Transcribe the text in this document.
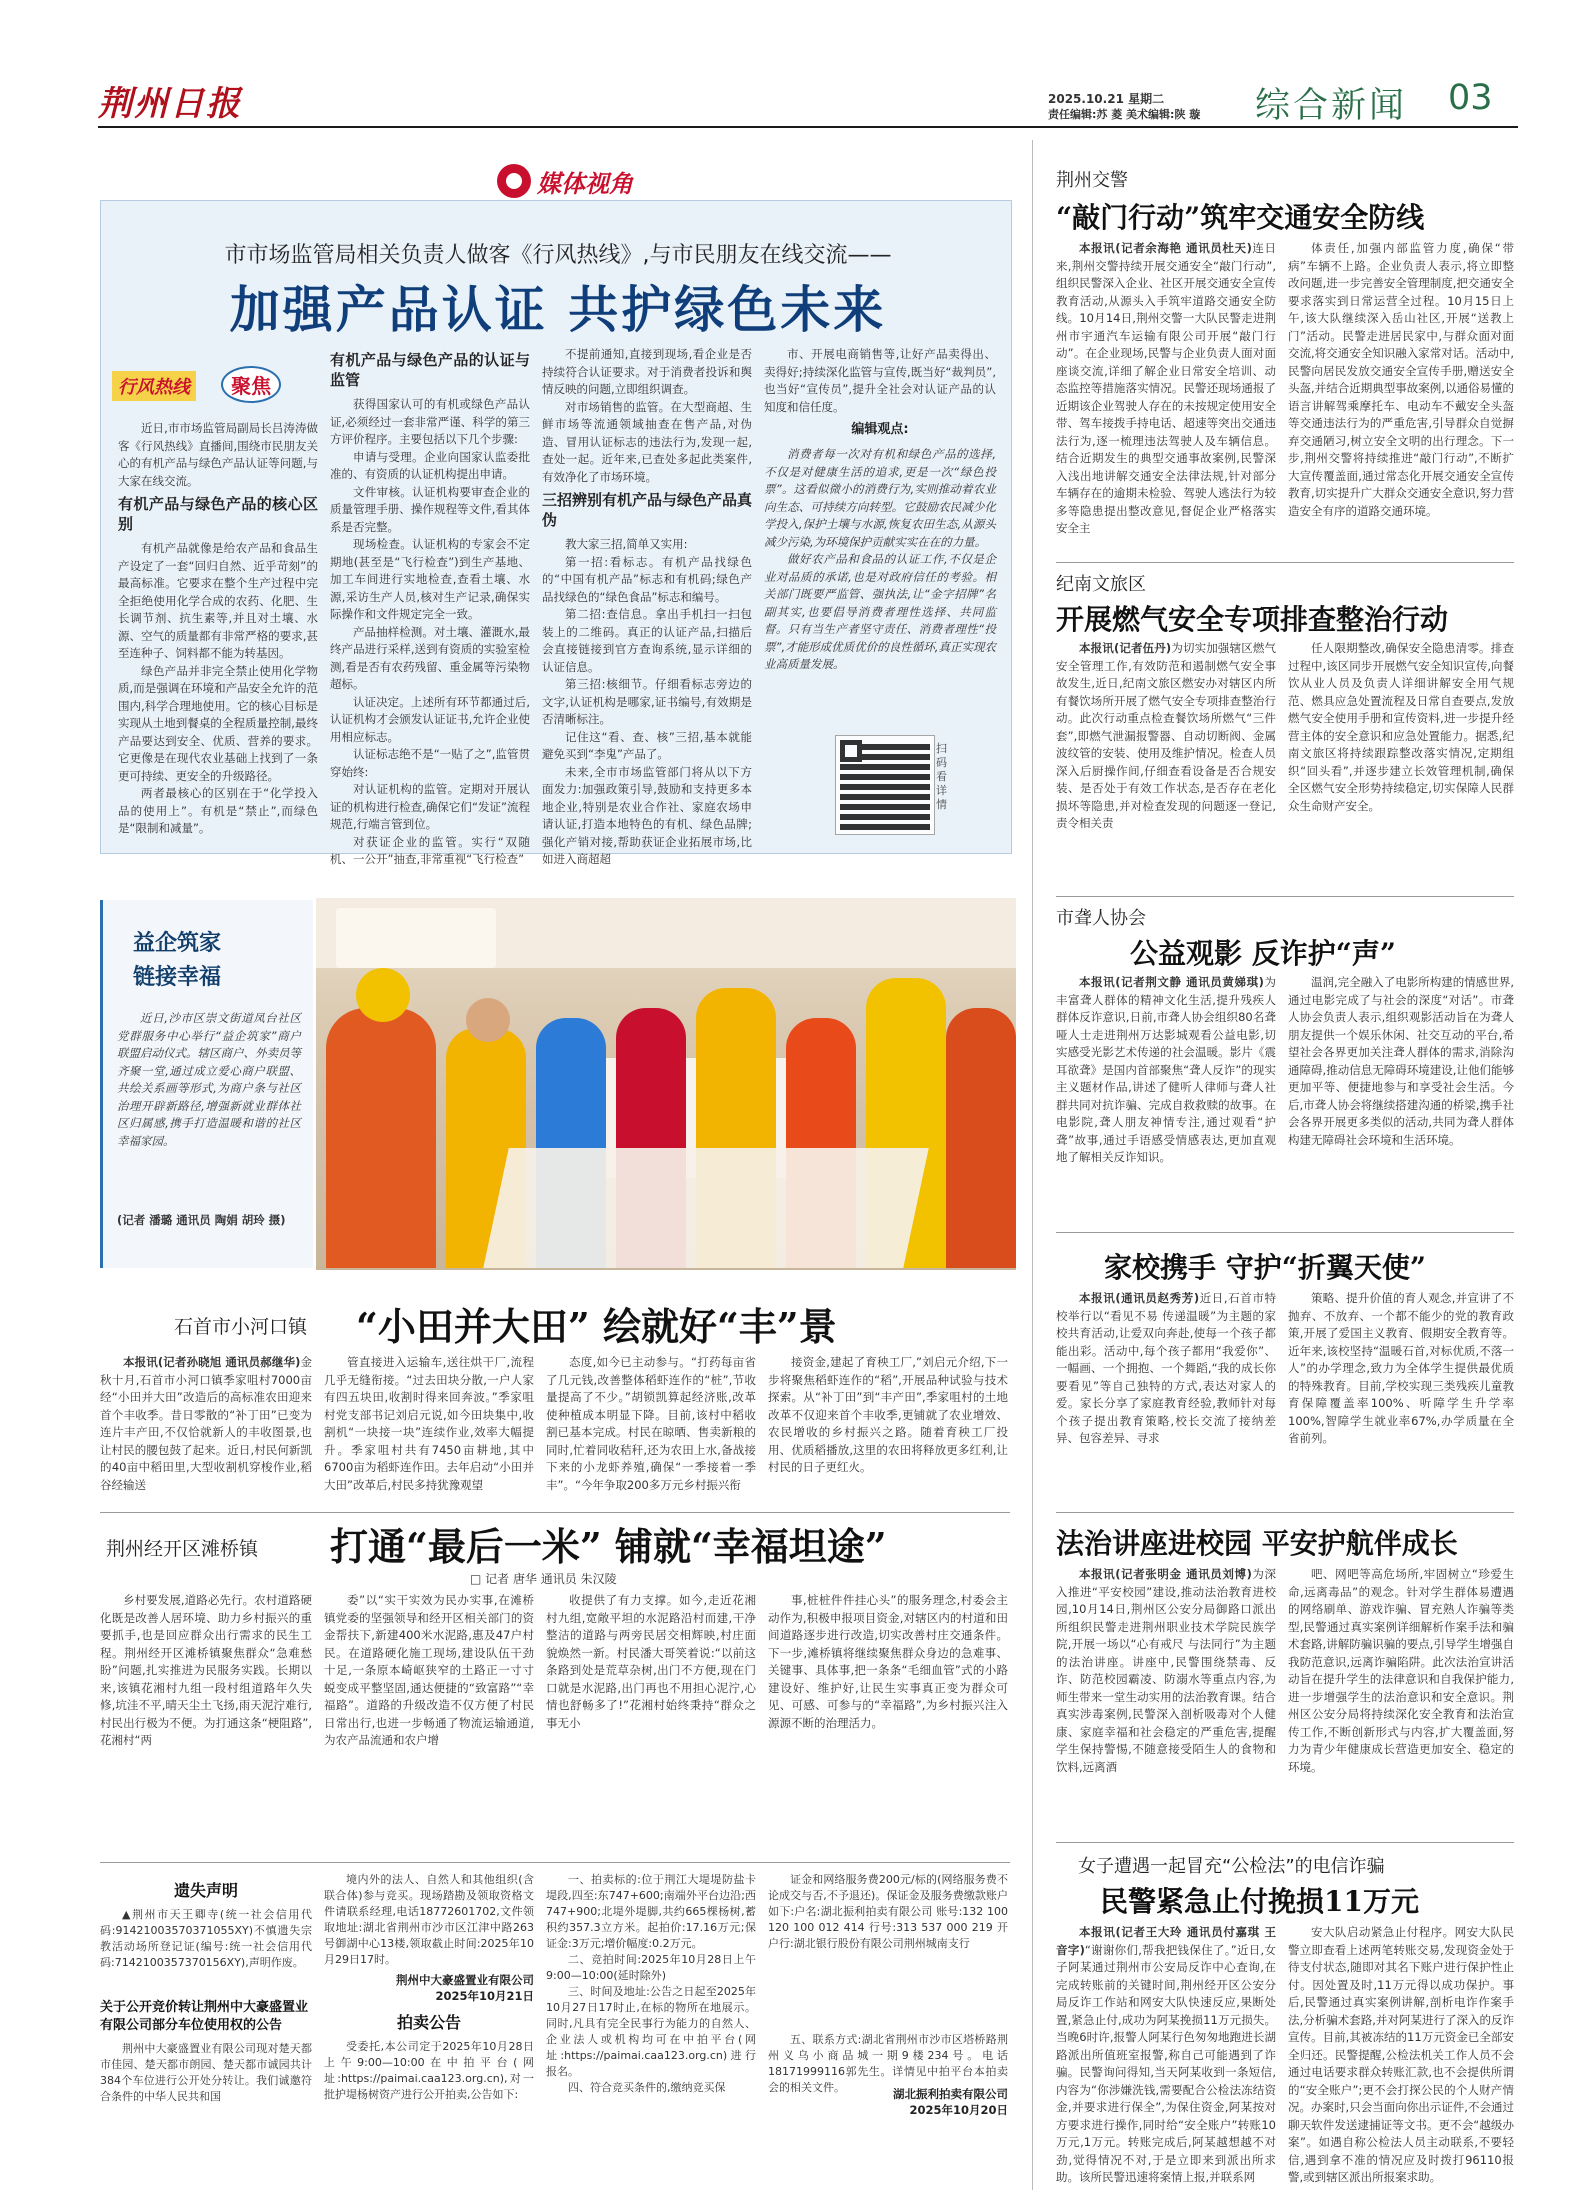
荆州日报	2025.10.21 星期二
责任编辑:苏 菱 美术编辑:陕 璇 综合新闻 03
媒体视角
市市场监管局相关负责人做客《行风热线》,与市民朋友在线交流——
加强产品认证 共护绿色未来
行风热线 聚焦

近日,市市场监管局副局长吕涛涛做客《行风热线》直播间,围绕市民朋友关心的有机产品与绿色产品认证等问题,与大家在线交流。

有机产品与绿色产品的核心区别

有机产品就像是给农产品和食品生产设定了一套“回归自然、近乎苛刻”的最高标准。它要求在整个生产过程中完全拒绝使用化学合成的农药、化肥、生长调节剂、抗生素等,并且对土壤、水源、空气的质量都有非常严格的要求,甚至连种子、饲料都不能为转基因。

绿色产品并非完全禁止使用化学物质,而是强调在环境和产品安全允许的范围内,科学合理地使用。它的核心目标是实现从土地到餐桌的全程质量控制,最终产品要达到安全、优质、营养的要求。它更像是在现代农业基础上找到了一条更可持续、更安全的升级路径。

两者最核心的区别在于“化学投入品的使用上”。有机是“禁止”,而绿色是“限制和减量”。

有机产品与绿色产品的认证与监管

获得国家认可的有机或绿色产品认证,必须经过一套非常严谨、科学的第三方评价程序。主要包括以下几个步骤:

申请与受理。企业向国家认监委批准的、有资质的认证机构提出申请。

文件审核。认证机构要审查企业的质量管理手册、操作规程等文件,看其体系是否完整。

现场检查。认证机构的专家会不定期地(甚至是“飞行检查”)到生产基地、加工车间进行实地检查,查看土壤、水源,采访生产人员,核对生产记录,确保实际操作和文件规定完全一致。

产品抽样检测。对土壤、灌溉水,最终产品进行采样,送到有资质的实验室检测,看是否有农药残留、重金属等污染物超标。

认证决定。上述所有环节都通过后,认证机构才会颁发认证证书,允许企业使用相应标志。

认证标志绝不是“一贴了之”,监管贯穿始终:

对认证机构的监管。定期对开展认证的机构进行检查,确保它们“发证”流程规范,行端言管到位。

对获证企业的监管。实行“双随机、一公开”抽查,非常重视“飞行检查”

不提前通知,直接到现场,看企业是否持续符合认证要求。对于消费者投诉和舆情反映的问题,立即组织调查。

对市场销售的监管。在大型商超、生鲜市场等流通领域抽查在售产品,对伪造、冒用认证标志的违法行为,发现一起,查处一起。近年来,已查处多起此类案件,有效净化了市场环境。

三招辨别有机产品与绿色产品真伪

教大家三招,简单又实用:

第一招:看标志。有机产品找绿色的“中国有机产品”标志和有机码;绿色产品找绿色的“绿色食品”标志和编号。

第二招:查信息。拿出手机扫一扫包装上的二维码。真正的认证产品,扫描后会直接链接到官方查询系统,显示详细的认证信息。

第三招:核细节。仔细看标志旁边的文字,认证机构是哪家,证书编号,有效期是否清晰标注。

记住这“看、查、核”三招,基本就能避免买到“李鬼”产品了。

未来,全市市场监管部门将从以下方面发力:加强政策引导,鼓励和支持更多本地企业,特别是农业合作社、家庭农场申请认证,打造本地特色的有机、绿色品牌;强化产销对接,帮助获证企业拓展市场,比如进入商超超

市、开展电商销售等,让好产品卖得出、卖得好;持续深化监管与宣传,既当好“裁判员”,也当好“宣传员”,提升全社会对认证产品的认知度和信任度。

编辑观点:

消费者每一次对有机和绿色产品的选择,不仅是对健康生活的追求,更是一次“绿色投票”。这看似微小的消费行为,实则推动着农业向生态、可持续方向转型。它鼓励农民减少化学投入,保护土壤与水源,恢复农田生态,从源头减少污染,为环境保护贡献实实在在的力量。

做好农产品和食品的认证工作,不仅是企业对品质的承诺,也是对政府信任的考验。相关部门既要严监管、强执法,让“金字招牌”名副其实,也要倡导消费者理性选择、共同监督。只有当生产者坚守责任、消费者理性“投票”,才能形成优质优价的良性循环,真正实现农业高质量发展。

扫码看详情
益企筑家
链接幸福

近日,沙市区崇文街道凤台社区党群服务中心举行“益企筑家”商户联盟启动仪式。辖区商户、外卖员等齐聚一堂,通过成立爱心商户联盟、共绘关系画等形式,为商户条与社区治理开辟新路径,增强新就业群体社区归属感,携手打造温暖和谐的社区幸福家园。

(记者 潘璐 通讯员 陶娟 胡玲 摄)
石首市小河口镇 “小田并大田” 绘就好“丰”景

本报讯(记者孙晓旭 通讯员郝继华)金秋十月,石首市小河口镇季家咀村7000亩经“小田并大田”改造后的高标准农田迎来首个丰收季。昔日零散的“补丁田”已变为连片丰产田,不仅恰就新人的丰收图景,也让村民的腰包鼓了起来。近日,村民何新凯的40亩中稻田里,大型收割机穿梭作业,稻谷经输送

管直接进入运输车,送往烘干厂,流程几乎无缝衔接。“过去田块分散,一户人家有四五块田,收割时得来回奔波。”季家咀村党支部书记刘启元说,如今田块集中,收割机“一块接一块”连续作业,效率大幅提升。季家咀村共有7450亩耕地,其中6700亩为稻虾连作田。去年启动“小田并大田”改革后,村民多持犹豫观望

态度,如今已主动参与。“打药每亩省了几元钱,改善整体稻虾连作的“桩”,节收量提高了不少。”胡锁凯算起经济账,改革使种植成本明显下降。目前,该村中稻收割已基本完成。村民在晾晒、售卖新粮的同时,忙着同收秸秆,还为农田上水,备战接下来的小龙虾养殖,确保“一季接着一季丰”。“今年争取200多万元乡村振兴衔

接资金,建起了育秧工厂,”刘启元介绍,下一步将聚焦稻虾连作的“稻”,开展品种试验与技术探索。从“补丁田”到“丰产田”,季家咀村的土地改革不仅迎来首个丰收季,更铺就了农业增效、农民增收的乡村振兴之路。随着育秧工厂投用、优质稻播放,这里的农田将释放更多红利,让村民的日子更红火。

荆州经开区滩桥镇 打通“最后一米” 铺就“幸福坦途”
□ 记者 唐华 通讯员 朱汉陵

乡村要发展,道路必先行。农村道路硬化既是改善人居环境、助力乡村振兴的重要抓手,也是回应群众出行需求的民生工程。荆州经开区滩桥镇聚焦群众“急难愁盼”问题,扎实推进为民服务实践。长期以来,该镇花湘村九组一段村组道路年久失修,坑洼不平,晴天尘土飞扬,雨天泥泞难行,村民出行极为不便。为打通这条“梗阻路”,花湘村“两

委”以“实干实效为民办实事,在滩桥镇党委的坚强领导和经开区相关部门的资金帮扶下,新建400米水泥路,惠及47户村民。在道路硬化施工现场,建设队伍干劲十足,一条原本崎岖狭窄的土路正一寸寸蜕变成平整坚固,通达便捷的“致富路”“幸福路”。道路的升级改造不仅方便了村民日常出行,也进一步畅通了物流运输通道,为农产品流通和农户增

收提供了有力支撑。如今,走近花湘村九组,宽敞平坦的水泥路沿村而建,干净整洁的道路与两旁民居交相辉映,村庄面貌焕然一新。村民潘大哥笑着说:“以前这条路到处是荒草杂树,出门不方便,现在门口就是水泥路,出门再也不用担心泥泞,心情也舒畅多了!”花湘村始终秉持“群众之事无小

事,桩桩件件挂心头”的服务理念,村委会主动作为,积极申报项目资金,对辖区内的村道和田间道路逐步进行改造,切实改善村庄交通条件。下一步,滩桥镇将继续聚焦群众身边的急难事、关键事、具体事,把一条条“毛细血管”式的小路建设好、维护好,让民生实事真正变为群众可见、可感、可参与的“幸福路”,为乡村振兴注入源源不断的治理活力。

遗失声明

▲荆州市天王卿寺(统一社会信用代码:91421003570371055XY)不慎遗失宗教活动场所登记证(编号:统一社会信用代码:7142100357370156XY),声明作废。

关于公开竞价转让荆州中大豪盛置业有限公司部分车位使用权的公告

荆州中大豪盛置业有限公司现对楚天都市佳园、楚天都市朗园、楚天都市诚园共计384个车位进行公开处分转让。我们诚邀符合条件的中华人民共和国

境内外的法人、自然人和其他组织(含联合体)参与竞买。现场踏勘及领取资格文件请联系经理,电话18772601702,文件领取地址:湖北省荆州市沙市区江津中路263号御湖中心13楼,领取截止时间:2025年10月29日17时。

荆州中大豪盛置业有限公司
2025年10月21日
拍卖公告

受委托,本公司定于2025年10月28日上午9:00—10:00在中拍平台(网址:https://paimai.caa123.org.cn),对一批护堤杨树资产进行公开拍卖,公告如下:

一、拍卖标的:位于荆江大堤堤防盐卡堤段,四至:东747+600;南端外平台边沿;西747+900;北堤外堤脚,共约665棵杨树,蓄积约357.3立方米。起拍价:17.16万元;保证金:3万元;增价幅度:0.2万元。

二、竞拍时间:2025年10月28日上午9:00—10:00(延时除外)

三、时间及地址:公告之日起至2025年10月27日17时止,在标的物所在地展示。同时,凡具有完全民事行为能力的自然人、企业法人或机构均可在中拍平台(网址:https://paimai.caa123.org.cn)进行报名。

四、符合竞买条件的,缴纳竞买保

证金和网络服务费200元/标的(网络服务费不论成交与否,不予退还)。保证金及服务费缴款账户如下:户名:湖北振利拍卖有限公司 账号:132 100 120 100 012 414 行号:313 537 000 219 开户行:湖北银行股份有限公司荆州城南支行

五、联系方式:湖北省荆州市沙市区塔桥路荆州义乌小商品城一期9楼234号。电话18171999116郭先生。详情见中拍平台本拍卖会的相关文件。	湖北振利拍卖有限公司
2025年10月20日
荆州交警
“敲门行动”筑牢交通安全防线

本报讯(记者余海艳 通讯员杜天)连日来,荆州交警持续开展交通安全“敲门行动”,组织民警深入企业、社区开展交通安全宣传教育活动,从源头入手筑牢道路交通安全防线。10月14日,荆州交警一大队民警走进荆州市宇通汽车运输有限公司开展“敲门行动”。在企业现场,民警与企业负责人面对面座谈交流,详细了解企业日常安全培训、动态监控等措施落实情况。民警还现场通报了近期该企业驾驶人存在的未按规定使用安全带、驾车接拨手持电话、超速等突出交通违法行为,逐一梳理违法驾驶人及车辆信息。结合近期发生的典型交通事故案例,民警深入浅出地讲解交通安全法律法规,针对部分车辆存在的逾期未检验、驾驶人逃法行为较多等隐患提出整改意见,督促企业严格落实安全主

体责任,加强内部监管力度,确保“带病”车辆不上路。企业负责人表示,将立即整改问题,进一步完善安全管理制度,把交通安全要求落实到日常运营全过程。10月15日上午,该大队继续深入岳山社区,开展“送教上门”活动。民警走进居民家中,与群众面对面交流,将交通安全知识融入家常对话。活动中,民警向居民发放交通安全宣传手册,赠送安全头盔,并结合近期典型事故案例,以通俗易懂的语言讲解驾乘摩托车、电动车不戴安全头盔等交通违法行为的严重危害,引导群众自觉摒弃交通陋习,树立安全文明的出行理念。下一步,荆州交警将持续推进“敲门行动”,不断扩大宣传覆盖面,通过常态化开展交通安全宣传教育,切实提升广大群众交通安全意识,努力营造安全有序的道路交通环境。

纪南文旅区
开展燃气安全专项排查整治行动

本报讯(记者伍丹)为切实加强辖区燃气安全管理工作,有效防范和遏制燃气安全事故发生,近日,纪南文旅区燃安办对辖区内所有餐饮场所开展了燃气安全专项排查整治行动。此次行动重点检查餐饮场所燃气“三件套”,即燃气泄漏报警器、自动切断阀、金属波纹管的安装、使用及维护情况。检查人员深入后厨操作间,仔细查看设备是否合规安装、是否处于有效工作状态,是否存在老化损坏等隐患,并对检查发现的问题逐一登记,责令相关责

任人限期整改,确保安全隐患清零。排查过程中,该区同步开展燃气安全知识宣传,向餐饮从业人员及负责人详细讲解安全用气规范、燃具应急处置流程及日常自查要点,发放燃气安全使用手册和宣传资料,进一步提升经营主体的安全意识和应急处置能力。据悉,纪南文旅区将持续跟踪整改落实情况,定期组织“回头看”,并逐步建立长效管理机制,确保全区燃气安全形势持续稳定,切实保障人民群众生命财产安全。

市聋人协会
公益观影 反诈护“声”

本报讯(记者荆文静 通讯员黄娣琪)为丰富聋人群体的精神文化生活,提升残疾人群体反诈意识,日前,市聋人协会组织80名聋哑人士走进荆州万达影城观看公益电影,切实感受光影艺术传递的社会温暖。影片《震耳欲聋》是国内首部聚焦“聋人反诈”的现实主义题材作品,讲述了健听人律师与聋人社群共同对抗诈骗、完成自救救赎的故事。在电影院,聋人朋友神情专注,通过观看“护聋”故事,通过手语感受情感表达,更加直观地了解相关反诈知识。

温润,完全融入了电影所构建的情感世界,通过电影完成了与社会的深度“对话”。市聋人协会负责人表示,组织观影活动旨在为聋人朋友提供一个娱乐休闲、社交互动的平台,希望社会各界更加关注聋人群体的需求,消除沟通障碍,推动信息无障碍环境建设,让他们能够更加平等、便捷地参与和享受社会生活。今后,市聋人协会将继续搭建沟通的桥梁,携手社会各界开展更多类似的活动,共同为聋人群体构建无障碍社会环境和生活环境。

家校携手 守护“折翼天使”

本报讯(通讯员赵秀芳)近日,石首市特校举行以“看见不易 传递温暖”为主题的家校共育活动,让爱双向奔赴,使每一个孩子都能出彩。活动中,每个孩子都用“我爱你”、一幅画、一个拥抱、一个舞蹈,“我的成长你要看见”等自己独特的方式,表达对家人的爱。家长分享了家庭教育经验,教师针对每个孩子提出教育策略,校长交流了接纳差异、包容差异、寻求

策略、提升价值的育人观念,并宣讲了不抛弃、不放弃、一个都不能少的党的教育政策,开展了爱国主义教育、假期安全教育等。近年来,该校坚持“温暖石首,对标优质,不落一人”的办学理念,致力为全体学生提供最优质的特殊教育。目前,学校实现三类残疾儿童教育保障覆盖率100%、听障学生升学率100%,智障学生就业率67%,办学质量在全省前列。

法治讲座进校园 平安护航伴成长

本报讯(记者张明金 通讯员刘博)为深入推进“平安校园”建设,推动法治教育进校园,10月14日,荆州区公安分局御路口派出所组织民警走进荆州职业技术学院民族学院,开展一场以“心有戒尺 与法同行”为主题的法治讲座。讲座中,民警围绕禁毒、反诈、防范校园霸凌、防溺水等重点内容,为师生带来一堂生动实用的法治教育课。结合真实涉毒案例,民警深入剖析吸毒对个人健康、家庭幸福和社会稳定的严重危害,提醒学生保持警惕,不随意接受陌生人的食物和饮料,远离酒

吧、网吧等高危场所,牢固树立“珍爱生命,远离毒品”的观念。针对学生群体易遭遇的网络刷单、游戏诈骗、冒充熟人诈骗等类型,民警通过真实案例详细解析作案手法和骗术套路,讲解防骗识骗的要点,引导学生增强自我防范意识,远离诈骗陷阱。此次法治宣讲活动旨在提升学生的法律意识和自我保护能力,进一步增强学生的法治意识和安全意识。荆州区公安分局将持续深化安全教育和法治宣传工作,不断创新形式与内容,扩大覆盖面,努力为青少年健康成长营造更加安全、稳定的环境。

女子遭遇一起冒充“公检法”的电信诈骗
民警紧急止付挽损11万元

本报讯(记者王大玲 通讯员付嘉琪 王音字)“谢谢你们,帮我把钱保住了。”近日,女子阿某通过荆州市公安局反诈中心查询,在完成转账前的关键时间,荆州经开区公安分局反诈工作站和网安大队快速反应,果断处置,紧急止付,成功为阿某挽损11万元损失。当晚6时许,报警人阿某行色匆匆地跑进长湖路派出所值班室报警,称自己可能遇到了诈骗。民警询问得知,当天阿某收到一条短信,内容为“你涉嫌洗钱,需要配合公检法冻结资金,并要求进行保全”,为保住资金,阿某按对方要求进行操作,同时给“安全账户”转账10万元,1万元。转账完成后,阿某越想越不对劲,觉得情况不对,于是立即来到派出所求助。该所民警迅速将案情上报,并联系网

安大队启动紧急止付程序。网安大队民警立即查看上述两笔转账交易,发现资金处于待支付状态,随即对其名下账户进行保护性止付。因处置及时,11万元得以成功保护。事后,民警通过真实案例讲解,剖析电诈作案手法,分析骗术套路,并对阿某进行了深入的反诈宣传。目前,其被冻结的11万元资金已全部安全归还。民警提醒,公检法机关工作人员不会通过电话要求群众转账汇款,也不会提供所谓的“安全账户”;更不会打探公民的个人财产情况。办案时,只会当面向你出示证件,不会通过聊天软件发送逮捕证等文书。更不会“越级办案”。如遇自称公检法人员主动联系,不要轻信,遇到拿不准的情况应及时拨打96110报警,或到辖区派出所报案求助。
